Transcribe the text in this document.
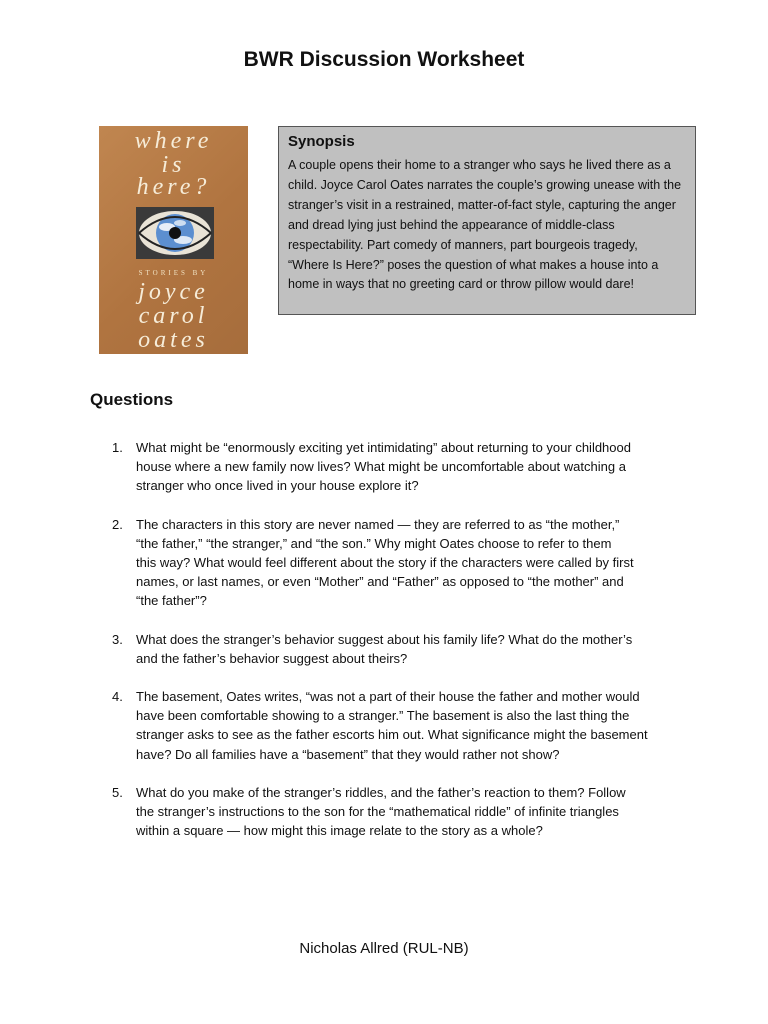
BWR Discussion Worksheet
where
is
here?
STORIES BY
joyce
carol
oates
Synopsis

A couple opens their home to a stranger who says he lived there as a
child. Joyce Carol Oates narrates the couple’s growing unease with the
stranger’s visit in a restrained, matter-of-fact style, capturing the anger
and dread lying just behind the appearance of middle-class
respectability. Part comedy of manners, part bourgeois tragedy,
“Where Is Here?” poses the question of what makes a house into a
home in ways that no greeting card or throw pillow would dare!

Questions
1. What might be “enormously exciting yet intimidating” about returning to your childhood
house where a new family now lives? What might be uncomfortable about watching a
stranger who once lived in your house explore it?
2. The characters in this story are never named — they are referred to as “the mother,”
“the father,” “the stranger,” and “the son.” Why might Oates choose to refer to them
this way? What would feel different about the story if the characters were called by first
names, or last names, or even “Mother” and “Father” as opposed to “the mother” and
“the father”?
3. What does the stranger’s behavior suggest about his family life? What do the mother’s
and the father’s behavior suggest about theirs?
4. The basement, Oates writes, “was not a part of their house the father and mother would
have been comfortable showing to a stranger.” The basement is also the last thing the
stranger asks to see as the father escorts him out. What significance might the basement
have? Do all families have a “basement” that they would rather not show?
5. What do you make of the stranger’s riddles, and the father’s reaction to them? Follow
the stranger’s instructions to the son for the “mathematical riddle” of infinite triangles
within a square — how might this image relate to the story as a whole?

Nicholas Allred (RUL-NB)
